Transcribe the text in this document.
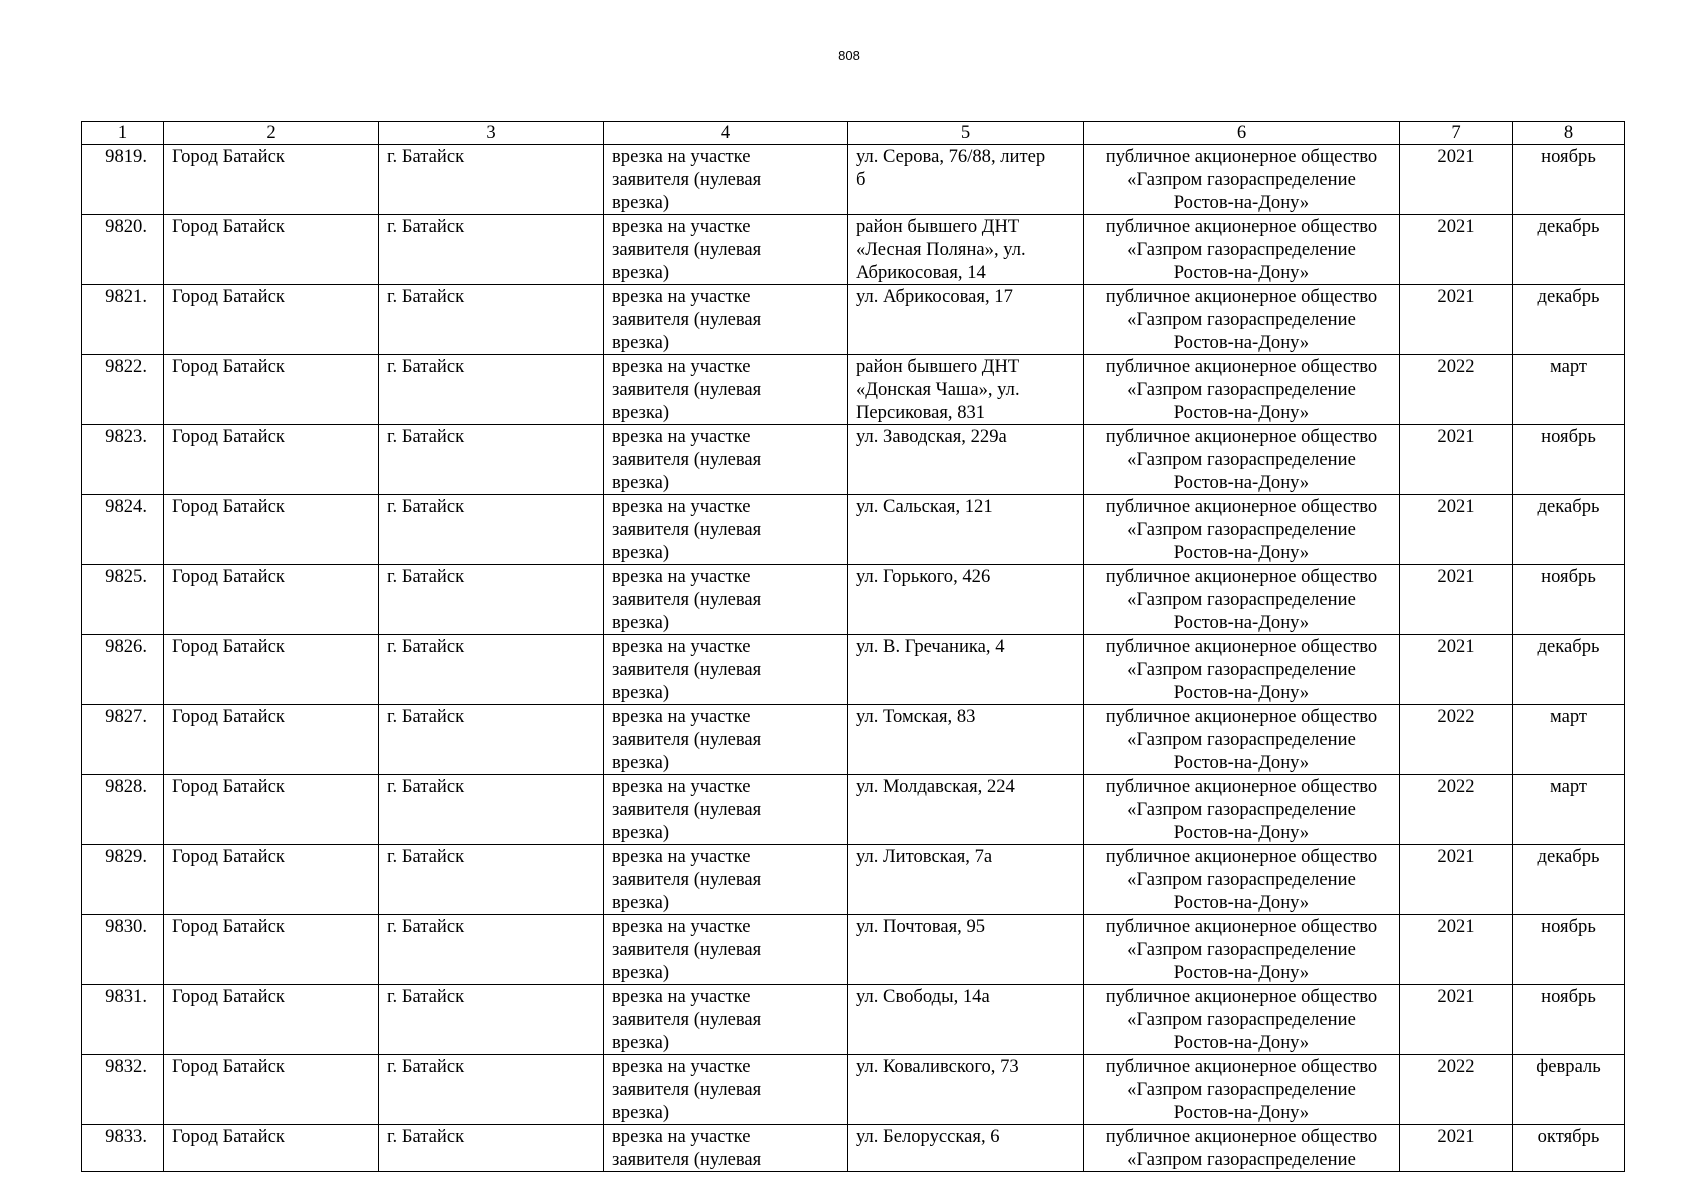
808
1	2	3	4	5	6	7	8
9819.	Город Батайск	г. Батайск	врезка на участке
заявителя (нулевая
врезка)	ул. Серова, 76/88, литер
б	публичное акционерное общество
«Газпром газораспределение
Ростов-на-Дону»	2021	ноябрь
9820.	Город Батайск	г. Батайск	врезка на участке
заявителя (нулевая
врезка)	район бывшего ДНТ
«Лесная Поляна», ул.
Абрикосовая, 14	публичное акционерное общество
«Газпром газораспределение
Ростов-на-Дону»	2021	декабрь
9821.	Город Батайск	г. Батайск	врезка на участке
заявителя (нулевая
врезка)	ул. Абрикосовая, 17	публичное акционерное общество
«Газпром газораспределение
Ростов-на-Дону»	2021	декабрь
9822.	Город Батайск	г. Батайск	врезка на участке
заявителя (нулевая
врезка)	район бывшего ДНТ
«Донская Чаша», ул.
Персиковая, 831	публичное акционерное общество
«Газпром газораспределение
Ростов-на-Дону»	2022	март
9823.	Город Батайск	г. Батайск	врезка на участке
заявителя (нулевая
врезка)	ул. Заводская, 229а	публичное акционерное общество
«Газпром газораспределение
Ростов-на-Дону»	2021	ноябрь
9824.	Город Батайск	г. Батайск	врезка на участке
заявителя (нулевая
врезка)	ул. Сальская, 121	публичное акционерное общество
«Газпром газораспределение
Ростов-на-Дону»	2021	декабрь
9825.	Город Батайск	г. Батайск	врезка на участке
заявителя (нулевая
врезка)	ул. Горького, 426	публичное акционерное общество
«Газпром газораспределение
Ростов-на-Дону»	2021	ноябрь
9826.	Город Батайск	г. Батайск	врезка на участке
заявителя (нулевая
врезка)	ул. В. Гречаника, 4	публичное акционерное общество
«Газпром газораспределение
Ростов-на-Дону»	2021	декабрь
9827.	Город Батайск	г. Батайск	врезка на участке
заявителя (нулевая
врезка)	ул. Томская, 83	публичное акционерное общество
«Газпром газораспределение
Ростов-на-Дону»	2022	март
9828.	Город Батайск	г. Батайск	врезка на участке
заявителя (нулевая
врезка)	ул. Молдавская, 224	публичное акционерное общество
«Газпром газораспределение
Ростов-на-Дону»	2022	март
9829.	Город Батайск	г. Батайск	врезка на участке
заявителя (нулевая
врезка)	ул. Литовская, 7а	публичное акционерное общество
«Газпром газораспределение
Ростов-на-Дону»	2021	декабрь
9830.	Город Батайск	г. Батайск	врезка на участке
заявителя (нулевая
врезка)	ул. Почтовая, 95	публичное акционерное общество
«Газпром газораспределение
Ростов-на-Дону»	2021	ноябрь
9831.	Город Батайск	г. Батайск	врезка на участке
заявителя (нулевая
врезка)	ул. Свободы, 14а	публичное акционерное общество
«Газпром газораспределение
Ростов-на-Дону»	2021	ноябрь
9832.	Город Батайск	г. Батайск	врезка на участке
заявителя (нулевая
врезка)	ул. Коваливского, 73	публичное акционерное общество
«Газпром газораспределение
Ростов-на-Дону»	2022	февраль
9833.	Город Батайск	г. Батайск	врезка на участке
заявителя (нулевая	ул. Белорусская, 6	публичное акционерное общество
«Газпром газораспределение	2021	октябрь
